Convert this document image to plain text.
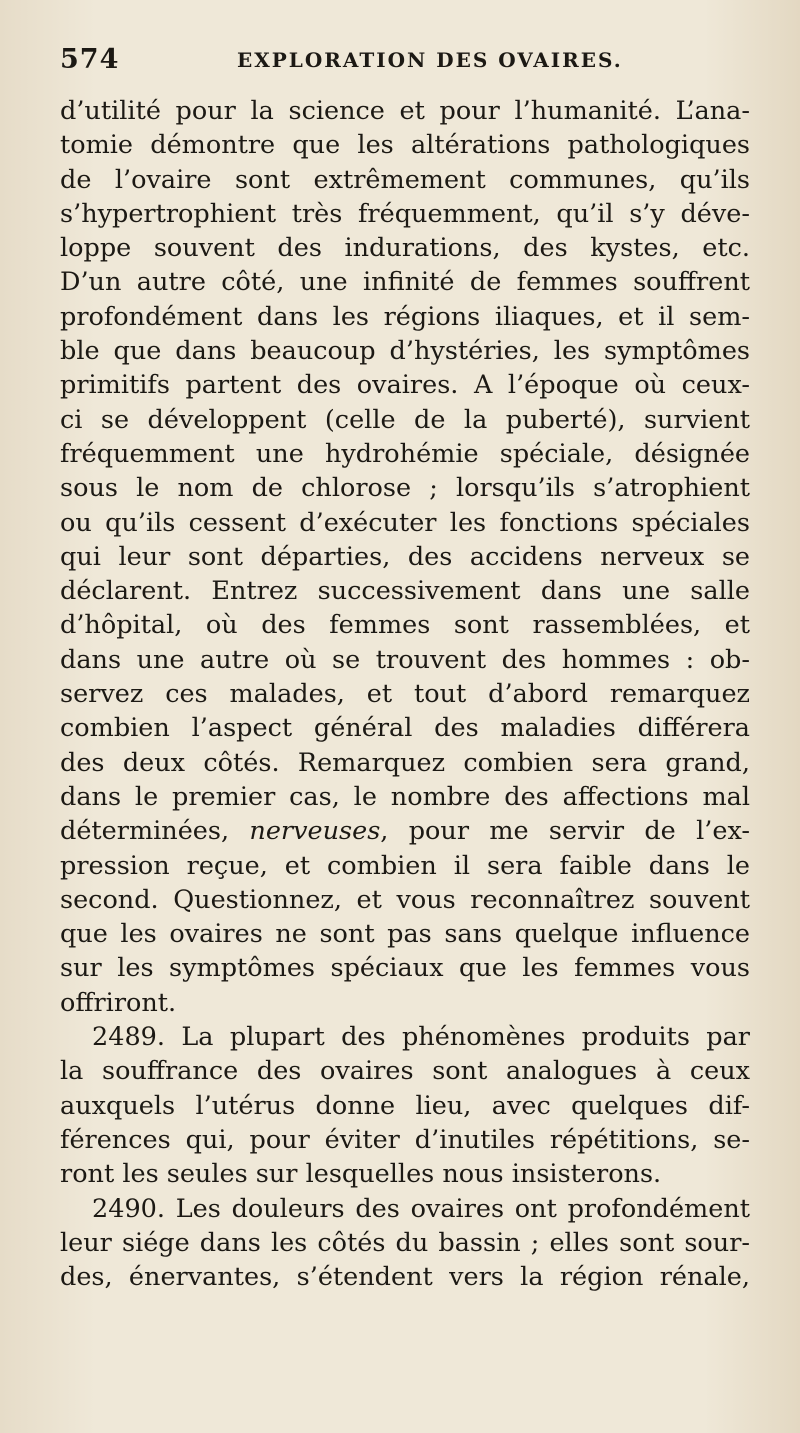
574	EXPLORATION DES OVAIRES.
d’utilité pour la science et pour l’humanité. L’ana-
tomie démontre que les altérations pathologiques
de l’ovaire sont extrêmement communes, qu’ils
s’hypertrophient très fréquemment, qu’il s’y déve-
loppe souvent des indurations, des kystes, etc.
D’un autre côté, une infinité de femmes souffrent
profondément dans les régions iliaques, et il sem-
ble que dans beaucoup d’hystéries, les symptômes
primitifs partent des ovaires. A l’époque où ceux-
ci se développent (celle de la puberté), survient
fréquemment une hydrohémie spéciale, désignée
sous le nom de chlorose ; lorsqu’ils s’atrophient
ou qu’ils cessent d’exécuter les fonctions spéciales
qui leur sont départies, des accidens nerveux se
déclarent. Entrez successivement dans une salle
d’hôpital, où des femmes sont rassemblées, et
dans une autre où se trouvent des hommes : ob-
servez ces malades, et tout d’abord remarquez
combien l’aspect général des maladies différera
des deux côtés. Remarquez combien sera grand,
dans le premier cas, le nombre des affections mal
déterminées, nerveuses, pour me servir de l’ex-
pression reçue, et combien il sera faible dans le
second. Questionnez, et vous reconnaîtrez souvent
que les ovaires ne sont pas sans quelque influence
sur les symptômes spéciaux que les femmes vous
offriront.
2489. La plupart des phénomènes produits par
la souffrance des ovaires sont analogues à ceux
auxquels l’utérus donne lieu, avec quelques dif-
férences qui, pour éviter d’inutiles répétitions, se-
ront les seules sur lesquelles nous insisterons.
2490. Les douleurs des ovaires ont profondément
leur siége dans les côtés du bassin ; elles sont sour-
des, énervantes, s’étendent vers la région rénale,
